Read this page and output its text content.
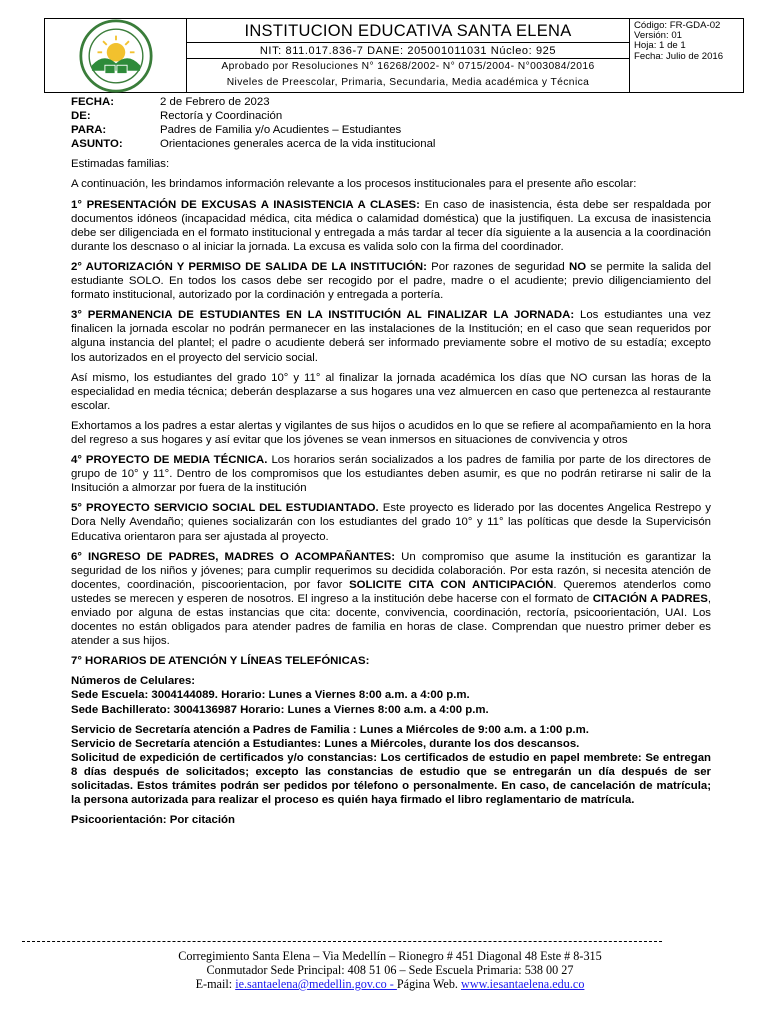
INSTITUCION EDUCATIVA SANTA ELENA
NIT: 811.017.836-7 DANE: 205001011031 Núcleo: 925
Aprobado por Resoluciones N° 16268/2002- N° 0715/2004- N°003084/2016
Niveles de Preescolar, Primaria, Secundaria, Media académica y Técnica
Código: FR-GDA-02
Versión: 01
Hoja: 1 de 1
Fecha: Julio de 2016
FECHA:	2 de Febrero de 2023
DE:	Rectoría y Coordinación
PARA:	Padres de Familia y/o Acudientes – Estudiantes
ASUNTO:	Orientaciones generales acerca de la vida institucional
Estimadas familias:
A continuación, les brindamos información relevante a los procesos institucionales para el presente año escolar:
1° PRESENTACIÓN DE EXCUSAS A INASISTENCIA A CLASES: En caso de inasistencia, ésta debe ser respaldada por documentos idóneos (incapacidad médica, cita médica o calamidad doméstica) que la justifiquen. La excusa de inasistencia debe ser diligenciada en el formato institucional y entregada a más tardar al tecer día siguiente a la ausencia a la coordinación durante los descnaso o al iniciar la jornada. La excusa es valida solo con la firma del coordinador.
2° AUTORIZACIÓN Y PERMISO DE SALIDA DE LA INSTITUCIÓN: Por razones de seguridad NO se permite la salida del estudiante SOLO. En todos los casos debe ser recogido por el padre, madre o el acudiente; previo diligenciamiento del formato institucional, autorizado por la cordinación y entregada a portería.
3° PERMANENCIA DE ESTUDIANTES EN LA INSTITUCIÓN AL FINALIZAR LA JORNADA: Los estudiantes una vez finalicen la jornada escolar no podrán permanecer en las instalaciones de la Institución; en el caso que sean requeridos por alguna instancia del plantel; el padre o acudiente deberá ser informado previamente sobre el motivo de su estadía; excepto los autorizados en el proyecto del servicio social.
Así mismo, los estudiantes del grado 10° y 11° al finalizar la jornada académica los días que NO cursan las horas de la especialidad en media técnica; deberán desplazarse a sus hogares una vez almuercen en caso que pertenezca al restaurante escolar.
Exhortamos a los padres a estar alertas y vigilantes de sus hijos o acudidos en lo que se refiere al acompañamiento en la hora del regreso a sus hogares y así evitar que los jóvenes se vean inmersos en situaciones de convivencia y otros
4° PROYECTO DE MEDIA TÉCNICA. Los horarios serán socializados a los padres de familia por parte de los directores de grupo de 10° y 11°. Dentro de los compromisos que los estudiantes deben asumir, es que no podrán retirarse ni salir de la Insitución a almorzar por fuera de la institución
5° PROYECTO SERVICIO SOCIAL DEL ESTUDIANTADO. Este proyecto es liderado por las docentes Angelica Restrepo y Dora Nelly Avendaño; quienes socializarán con los estudiantes del grado 10° y 11° las políticas que desde la Supervicisón Educativa orientaron para ser ajustada al proyecto.
6° INGRESO DE PADRES, MADRES O ACOMPAÑANTES: Un compromiso que asume la institución es garantizar la seguridad de los niños y jóvenes; para cumplir requerimos su decidida colaboración. Por esta razón, si necesita atención de docentes, coordinación, piscoorientacion, por favor SOLICITE CITA CON ANTICIPACIÓN. Queremos atenderlos como ustedes se merecen y esperen de nosotros. El ingreso a la institución debe hacerse con el formato de CITACIÓN A PADRES, enviado por alguna de estas instancias que cita: docente, convivencia, coordinación, rectoría, psicoorientación, UAI. Los docentes no están obligados para atender padres de familia en horas de clase. Comprendan que nuestro primer deber es atender a sus hijos.
7° HORARIOS DE ATENCIÓN Y LÍNEAS TELEFÓNICAS:
Números de Celulares:
Sede Escuela: 3004144089. Horario: Lunes a Viernes 8:00 a.m. a 4:00 p.m.
Sede Bachillerato: 3004136987 Horario: Lunes a Viernes 8:00 a.m. a 4:00 p.m.
Servicio de Secretaría atención a Padres de Familia : Lunes a Miércoles de 9:00 a.m. a 1:00 p.m.
Servicio de Secretaría atención a Estudiantes: Lunes a Miércoles, durante los dos descansos.
Solicitud de expedición de certificados y/o constancias: Los certificados de estudio en papel membrete: Se entregan 8 días después de solicitados; excepto las constancias de estudio que se entregarán un día después de ser solicitadas. Estos trámites podrán ser pedidos por télefono o personalmente. En caso, de cancelación de matrícula; la persona autorizada para realizar el proceso es quién haya firmado el libro reglamentario de matrícula.
Psicoorientación: Por citación
Corregimiento Santa Elena – Via Medellín – Rionegro # 451 Diagonal 48 Este # 8-315
Conmutador Sede Principal: 408 51 06 – Sede Escuela Primaria: 538 00 27
E-mail: ie.santaelena@medellin.gov.co - Página Web. www.iesantaelena.edu.co
